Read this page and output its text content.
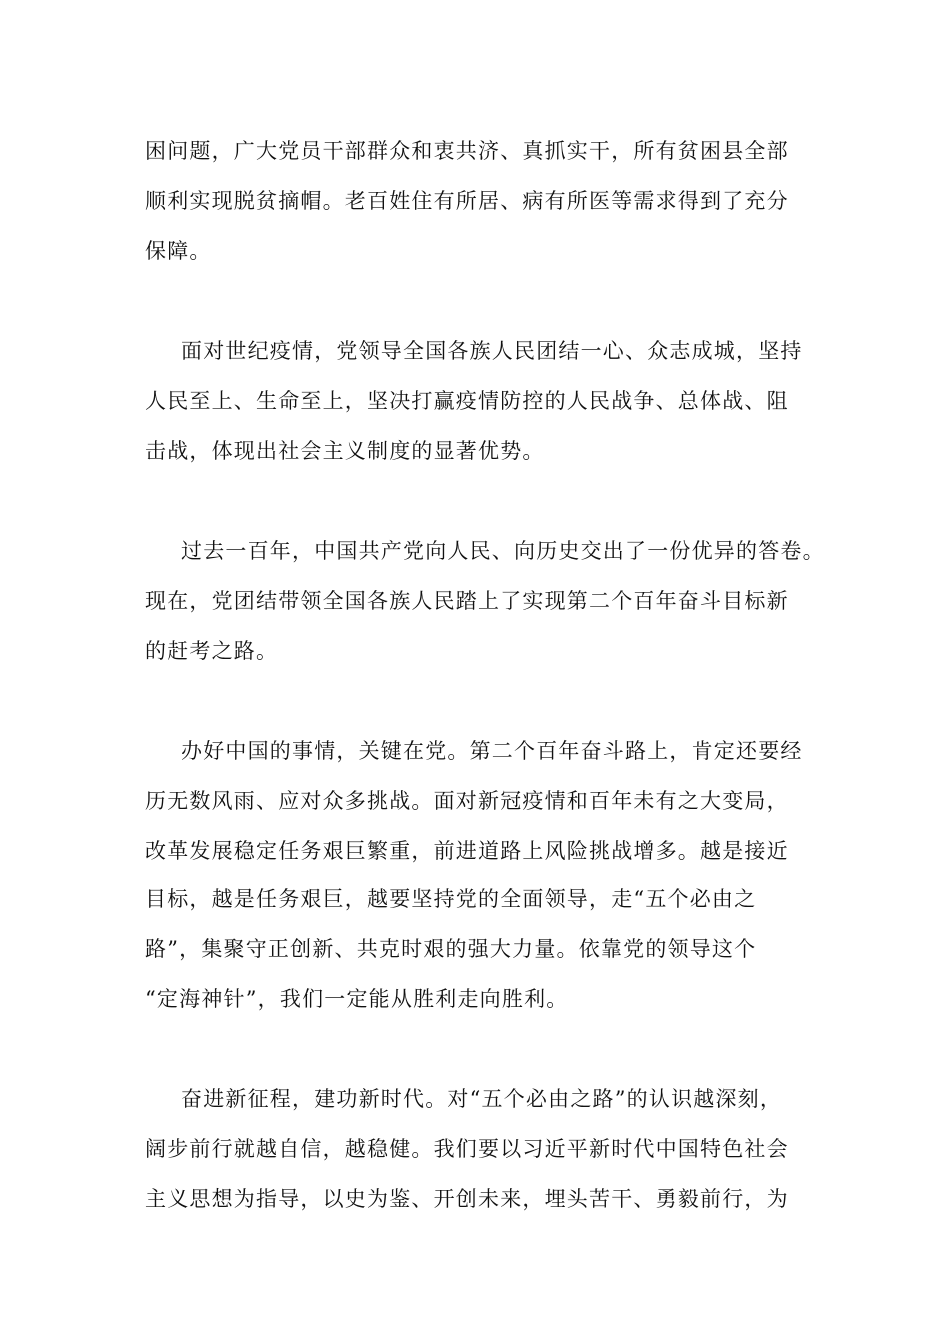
困问题，广大党员干部群众和衷共济、真抓实干，所有贫困县全部
顺利实现脱贫摘帽。老百姓住有所居、病有所医等需求得到了充分
保障。
面对世纪疫情，党领导全国各族人民团结一心、众志成城，坚持
人民至上、生命至上，坚决打赢疫情防控的人民战争、总体战、阻
击战，体现出社会主义制度的显著优势。
过去一百年，中国共产党向人民、向历史交出了一份优异的答卷。
现在，党团结带领全国各族人民踏上了实现第二个百年奋斗目标新
的赶考之路。
办好中国的事情，关键在党。第二个百年奋斗路上，肯定还要经
历无数风雨、应对众多挑战。面对新冠疫情和百年未有之大变局，
改革发展稳定任务艰巨繁重，前进道路上风险挑战增多。越是接近
目标，越是任务艰巨，越要坚持党的全面领导，走“五个必由之
路”，集聚守正创新、共克时艰的强大力量。依靠党的领导这个
“定海神针”，我们一定能从胜利走向胜利。
奋进新征程，建功新时代。对“五个必由之路”的认识越深刻，
阔步前行就越自信，越稳健。我们要以习近平新时代中国特色社会
主义思想为指导，以史为鉴、开创未来，埋头苦干、勇毅前行，为
